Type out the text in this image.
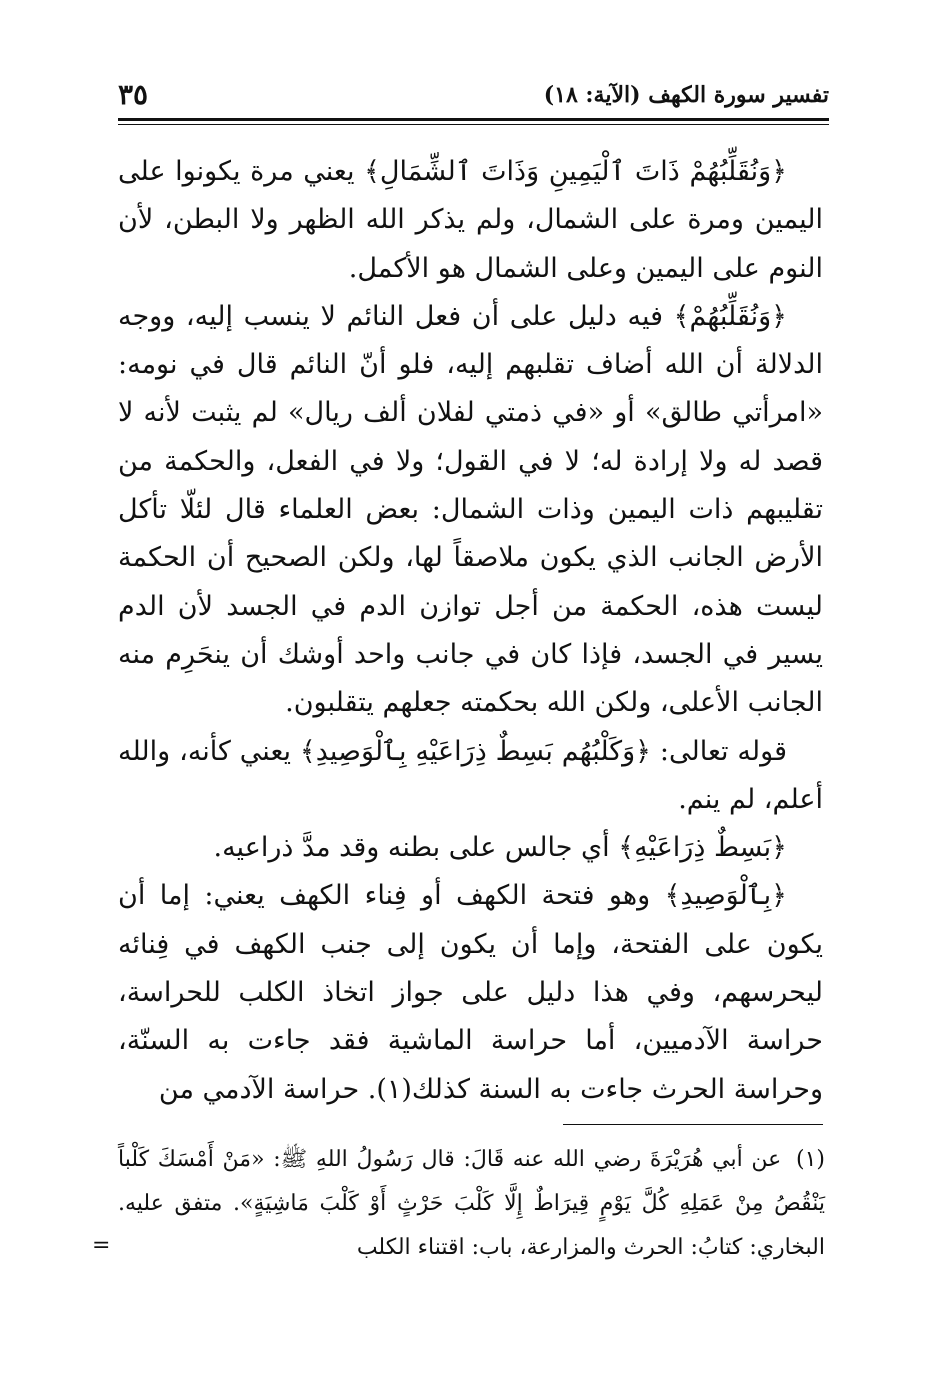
تفسير سورة الكهف (الآية: ١٨)
٣٥

﴿وَنُقَلِّبُهُمْ ذَاتَ ٱلْيَمِينِ وَذَاتَ ٱلشِّمَالِ﴾ يعني مرة يكونوا على اليمين ومرة على الشمال، ولم يذكر الله الظهر ولا البطن، لأن النوم على اليمين وعلى الشمال هو الأكمل.

﴿وَنُقَلِّبُهُمْ﴾ فيه دليل على أن فعل النائم لا ينسب إليه، ووجه الدلالة أن الله أضاف تقلبهم إليه، فلو أنّ النائم قال في نومه: «امرأتي طالق» أو «في ذمتي لفلان ألف ريال» لم يثبت لأنه لا قصد له ولا إرادة له؛ لا في القول؛ ولا في الفعل، والحكمة من تقليبهم ذات اليمين وذات الشمال: بعض العلماء قال لئلّا تأكل الأرض الجانب الذي يكون ملاصقاً لها، ولكن الصحيح أن الحكمة ليست هذه، الحكمة من أجل توازن الدم في الجسد لأن الدم يسير في الجسد، فإذا كان في جانب واحد أوشك أن ينحَرِم منه الجانب الأعلى، ولكن الله بحكمته جعلهم يتقلبون.

قوله تعالى: ﴿وَكَلْبُهُم بَسِطٌ ذِرَاعَيْهِ بِٱلْوَصِيدِ﴾ يعني كأنه، والله أعلم، لم ينم.

﴿بَسِطٌ ذِرَاعَيْهِ﴾ أي جالس على بطنه وقد مدَّ ذراعيه.

﴿بِٱلْوَصِيدِ﴾ وهو فتحة الكهف أو فِناء الكهف يعني: إما أن يكون على الفتحة، وإما أن يكون إلى جنب الكهف في فِنائه ليحرسهم، وفي هذا دليل على جواز اتخاذ الكلب للحراسة، حراسة الآدميين، أما حراسة الماشية فقد جاءت به السنّة، وحراسة الحرث جاءت به السنة كذلك(١). حراسة الآدمي من

(١) عن أبي هُرَيْرَةَ رضي الله عنه قَالَ: قال رَسُولُ اللهِ ﷺ: «مَنْ أَمْسَكَ كَلْباً يَنْقُصُ مِنْ عَمَلِهِ كُلَّ يَوْمٍ قِيرَاطٌ إِلَّا كَلْبَ حَرْثٍ أَوْ كَلْبَ مَاشِيَةٍ». متفق عليه. البخاري: كتابُ: الحرث والمزارعة، باب: اقتناء الكلب

=
